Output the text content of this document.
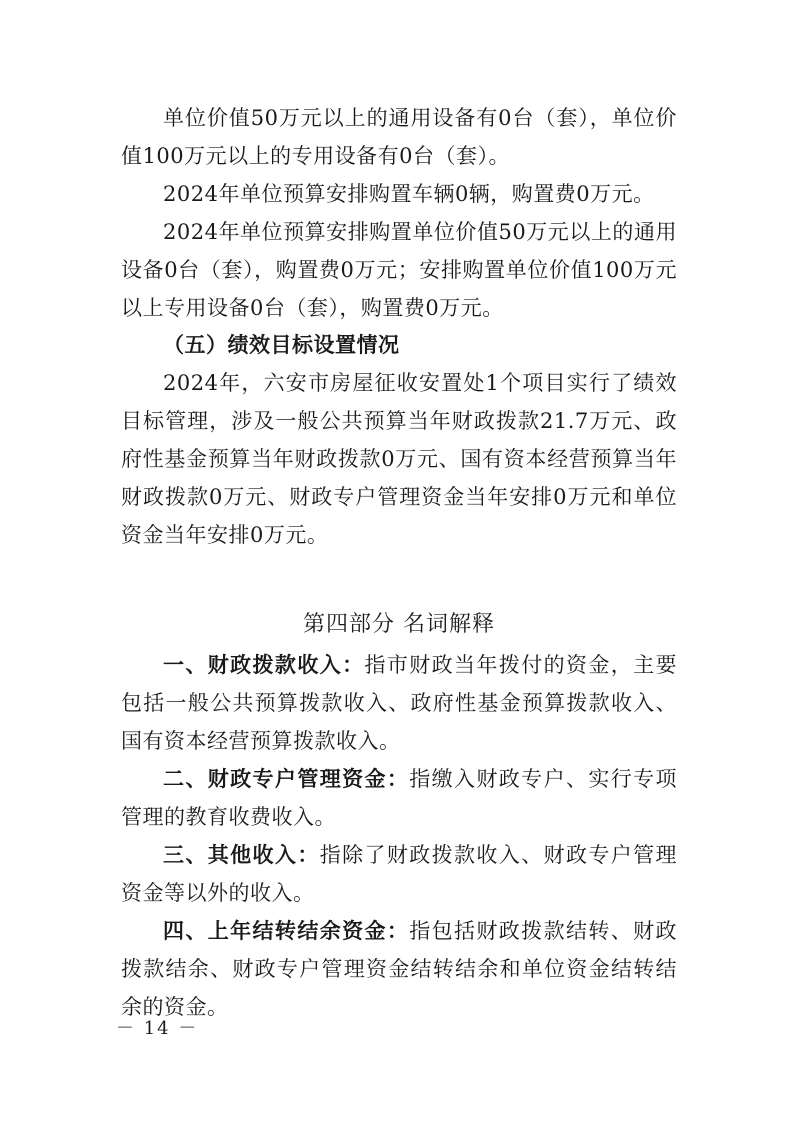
单位价值50万元以上的通用设备有0台（套），单位价值100万元以上的专用设备有0台（套）。

2024年单位预算安排购置车辆0辆，购置费0万元。

2024年单位预算安排购置单位价值50万元以上的通用设备0台（套），购置费0万元；安排购置单位价值100万元以上专用设备0台（套），购置费0万元。

（五）绩效目标设置情况

2024年，六安市房屋征收安置处1个项目实行了绩效目标管理，涉及一般公共预算当年财政拨款21.7万元、政府性基金预算当年财政拨款0万元、国有资本经营预算当年财政拨款0万元、财政专户管理资金当年安排0万元和单位资金当年安排0万元。

第四部分 名词解释

一、财政拨款收入：指市财政当年拨付的资金，主要包括一般公共预算拨款收入、政府性基金预算拨款收入、国有资本经营预算拨款收入。

二、财政专户管理资金：指缴入财政专户、实行专项管理的教育收费收入。

三、其他收入：指除了财政拨款收入、财政专户管理资金等以外的收入。

四、上年结转结余资金：指包括财政拨款结转、财政拨款结余、财政专户管理资金结转结余和单位资金结转结余的资金。

－ 14 －
